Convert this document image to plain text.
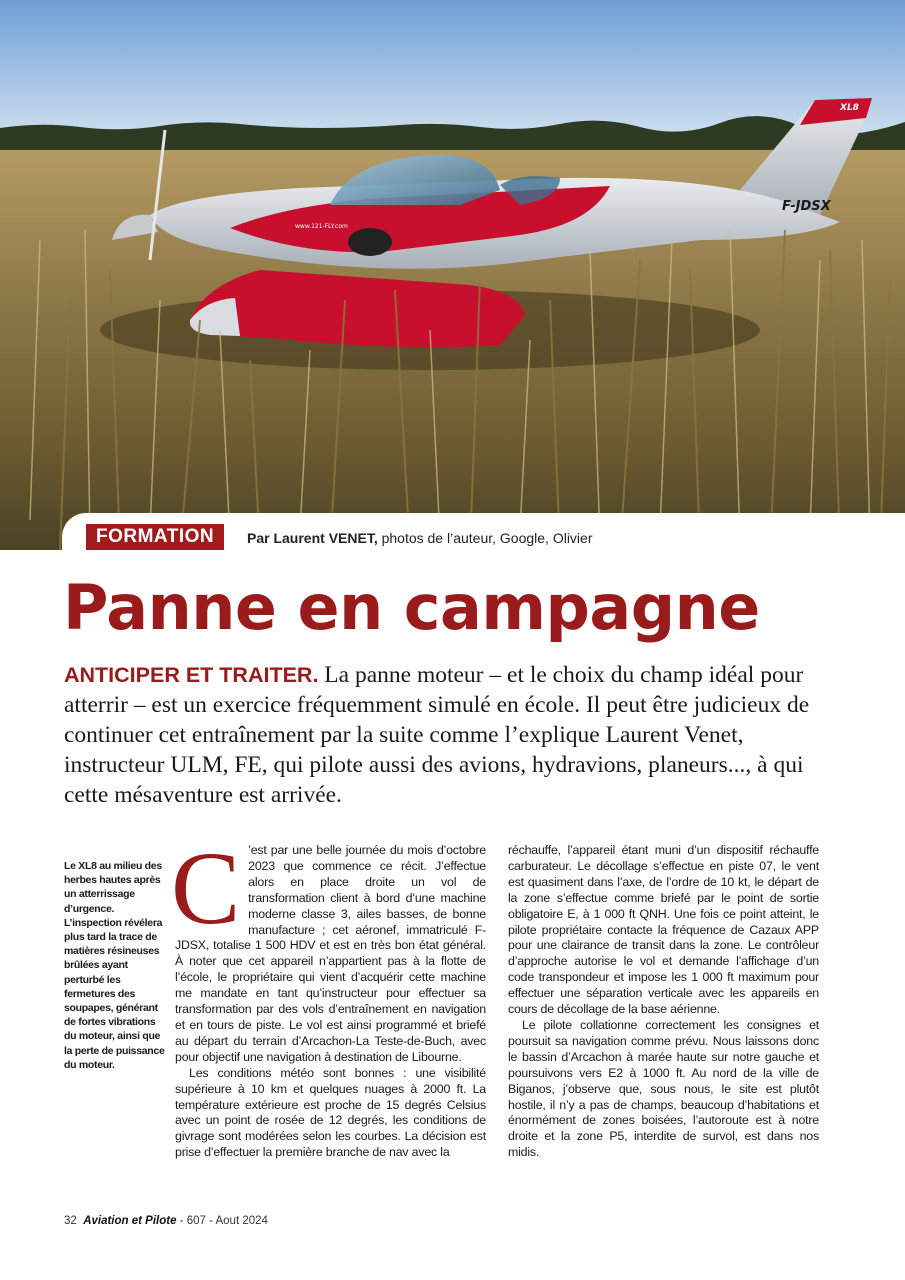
XL8
F-JDSX
www.121-FLY.com
FORMATION	Par Laurent VENET, photos de l’auteur, Google, Olivier
Panne en campagne
ANTICIPER ET TRAITER. La panne moteur – et le choix du champ idéal pour atterrir – est un exercice fréquemment simulé en école. Il peut être judicieux de continuer cet entraînement par la suite comme l’explique Laurent Venet, instructeur ULM, FE, qui pilote aussi des avions, hydravions, planeurs..., à qui cette mésaventure est arrivée.
Le XL8 au milieu des herbes hautes après un atterrissage d’urgence. L’inspection révélera plus tard la trace de matières résineuses brûlées ayant perturbé les fermetures des soupapes, générant de fortes vibrations du moteur, ainsi que la perte de puissance du moteur.

C ’est par une belle journée du mois d’octobre 2023 que commence ce récit. J’effectue alors en place droite un vol de transformation client à bord d’une machine moderne classe 3, ailes basses, de bonne manufacture ; cet aéronef, immatriculé F-JDSX, totalise 1 500 HDV et est en très bon état général. À noter que cet appareil n’appartient pas à la flotte de l’école, le propriétaire qui vient d’acquérir cette machine me mandate en tant qu’instructeur pour effectuer sa transformation par des vols d’entraînement en navigation et en tours de piste. Le vol est ainsi programmé et briefé au départ du terrain d’Arcachon-La Teste-de-Buch, avec pour objectif une navigation à destination de Libourne.

Les conditions météo sont bonnes : une visibilité supérieure à 10 km et quelques nuages à 2000 ft. La température extérieure est proche de 15 degrés Celsius avec un point de rosée de 12 degrés, les conditions de givrage sont modérées selon les courbes. La décision est prise d’effectuer la première branche de nav avec la

réchauffe, l’appareil étant muni d’un dispositif réchauffe carburateur. Le décollage s’effectue en piste 07, le vent est quasiment dans l’axe, de l’ordre de 10 kt, le départ de la zone s’effectue comme briefé par le point de sortie obligatoire E, à 1 000 ft QNH. Une fois ce point atteint, le pilote propriétaire contacte la fréquence de Cazaux APP pour une clairance de transit dans la zone. Le contrôleur d’approche autorise le vol et demande l’affichage d’un code transpondeur et impose les 1 000 ft maximum pour effectuer une séparation verticale avec les appareils en cours de décollage de la base aérienne.

Le pilote collationne correctement les consignes et poursuit sa navigation comme prévu. Nous laissons donc le bassin d’Arcachon à marée haute sur notre gauche et poursuivons vers E2 à 1000 ft. Au nord de la ville de Biganos, j’observe que, sous nous, le site est plutôt hostile, il n’y a pas de champs, beaucoup d’habitations et énormément de zones boisées, l’autoroute est à notre droite et la zone P5, interdite de survol, est dans nos midis.

32 Aviation et Pilote - 607 - Aout 2024
